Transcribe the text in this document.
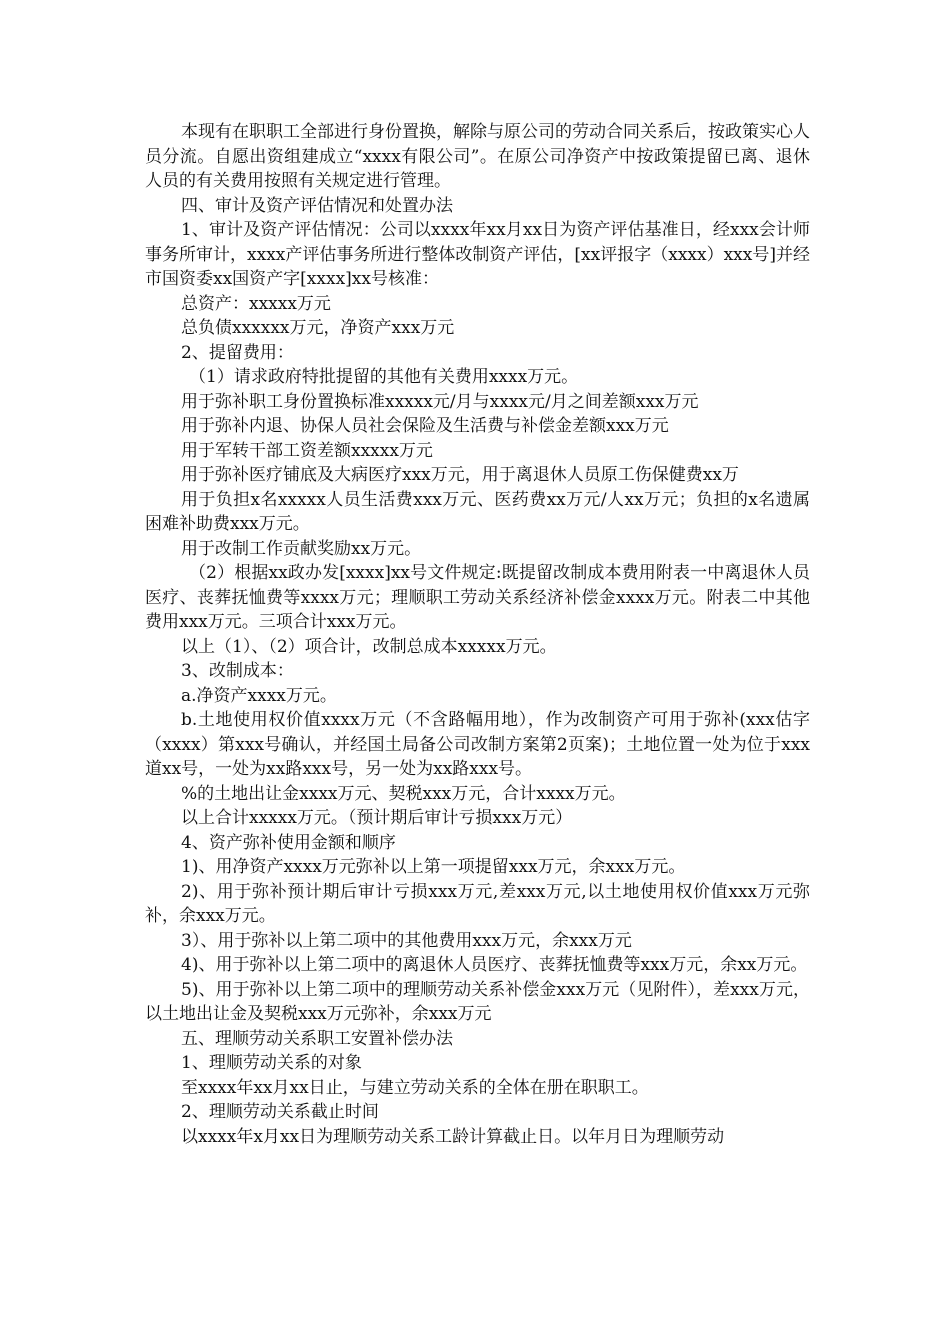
本现有在职职工全部进行身份置换，解除与原公司的劳动合同关系后，按政策实心人员分流。自愿出资组建成立“xxxx有限公司”。在原公司净资产中按政策提留已离、退休人员的有关费用按照有关规定进行管理。

四、审计及资产评估情况和处置办法

1、审计及资产评估情况：公司以xxxx年xx月xx日为资产评估基准日，经xxx会计师事务所审计，xxxx产评估事务所进行整体改制资产评估，[xx评报字（xxxx）xxx号]并经市国资委xx国资产字[xxxx]xx号核准：

总资产：xxxxx万元

总负债xxxxxx万元，净资产xxx万元

2、提留费用：

（1）请求政府特批提留的其他有关费用xxxx万元。

用于弥补职工身份置换标准xxxxx元/月与xxxx元/月之间差额xxx万元

用于弥补内退、协保人员社会保险及生活费与补偿金差额xxx万元

用于军转干部工资差额xxxxx万元

用于弥补医疗铺底及大病医疗xxx万元，用于离退休人员原工伤保健费xx万

用于负担x名xxxxx人员生活费xxx万元、医药费xx万元/人xx万元；负担的x名遗属困难补助费xxx万元。

用于改制工作贡献奖励xx万元。

（2）根据xx政办发[xxxx]xx号文件规定:既提留改制成本费用附表一中离退休人员医疗、丧葬抚恤费等xxxx万元；理顺职工劳动关系经济补偿金xxxx万元。附表二中其他费用xxx万元。三项合计xxx万元。

以上（1）、（2）项合计，改制总成本xxxxx万元。

3、改制成本：

a.净资产xxxx万元。

b.土地使用权价值xxxx万元（不含路幅用地），作为改制资产可用于弥补(xxx估字（xxxx）第xxx号确认，并经国土局备公司改制方案第2页案)；土地位置一处为位于xxx道xx号，一处为xx路xxx号，另一处为xx路xxx号。

%的土地出让金xxxx万元、契税xxx万元，合计xxxx万元。

以上合计xxxxx万元。（预计期后审计亏损xxx万元）

4、资产弥补使用金额和顺序

1)、用净资产xxxx万元弥补以上第一项提留xxx万元，余xxx万元。

2)、用于弥补预计期后审计亏损xxx万元,差xxx万元,以土地使用权价值xxx万元弥补，余xxx万元。

3）、用于弥补以上第二项中的其他费用xxx万元，余xxx万元

4)、用于弥补以上第二项中的离退休人员医疗、丧葬抚恤费等xxx万元，余xx万元。

5)、用于弥补以上第二项中的理顺劳动关系补偿金xxx万元（见附件），差xxx万元，以土地出让金及契税xxx万元弥补，余xxx万元

五、理顺劳动关系职工安置补偿办法

1、理顺劳动关系的对象

至xxxx年xx月xx日止，与建立劳动关系的全体在册在职职工。

2、理顺劳动关系截止时间

以xxxx年x月xx日为理顺劳动关系工龄计算截止日。以年月日为理顺劳动
